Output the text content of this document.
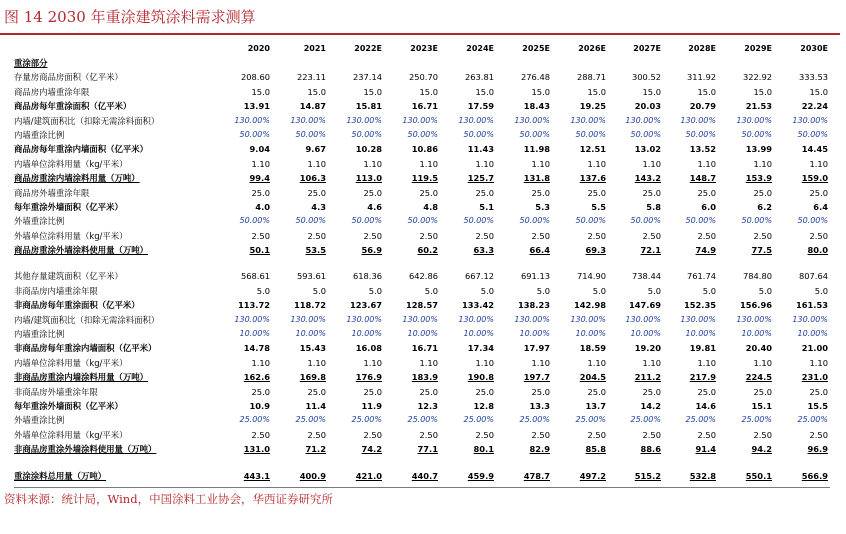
图 14 2030 年重涂建筑涂料需求测算
2020	2021	2022E	2023E	2024E	2025E	2026E	2027E	2028E	2029E	2030E
重涂部分
存量房商品房面积（亿平米）	208.60	223.11	237.14	250.70	263.81	276.48	288.71	300.52	311.92	322.92	333.53
商品房内墙重涂年限	15.0	15.0	15.0	15.0	15.0	15.0	15.0	15.0	15.0	15.0	15.0
商品房每年重涂面积（亿平米）	13.91	14.87	15.81	16.71	17.59	18.43	19.25	20.03	20.79	21.53	22.24
内墙/建筑面积比（扣除无需涂料面积）	130.00%	130.00%	130.00%	130.00%	130.00%	130.00%	130.00%	130.00%	130.00%	130.00%	130.00%
内墙重涂比例	50.00%	50.00%	50.00%	50.00%	50.00%	50.00%	50.00%	50.00%	50.00%	50.00%	50.00%
商品房每年重涂内墙面积（亿平米）	9.04	9.67	10.28	10.86	11.43	11.98	12.51	13.02	13.52	13.99	14.45
内墙单位涂料用量（kg/平米）	1.10	1.10	1.10	1.10	1.10	1.10	1.10	1.10	1.10	1.10	1.10
商品房重涂内墙涂料用量（万吨）	99.4	106.3	113.0	119.5	125.7	131.8	137.6	143.2	148.7	153.9	159.0
商品房外墙重涂年限	25.0	25.0	25.0	25.0	25.0	25.0	25.0	25.0	25.0	25.0	25.0
每年重涂外墙面积（亿平米）	4.0	4.3	4.6	4.8	5.1	5.3	5.5	5.8	6.0	6.2	6.4
外墙重涂比例	50.00%	50.00%	50.00%	50.00%	50.00%	50.00%	50.00%	50.00%	50.00%	50.00%	50.00%
外墙单位涂料用量（kg/平米）	2.50	2.50	2.50	2.50	2.50	2.50	2.50	2.50	2.50	2.50	2.50
商品房重涂外墙涂料使用量（万吨）	50.1	53.5	56.9	60.2	63.3	66.4	69.3	72.1	74.9	77.5	80.0
其他存量建筑面积（亿平米）	568.61	593.61	618.36	642.86	667.12	691.13	714.90	738.44	761.74	784.80	807.64
非商品房内墙重涂年限	5.0	5.0	5.0	5.0	5.0	5.0	5.0	5.0	5.0	5.0	5.0
非商品房每年重涂面积（亿平米）	113.72	118.72	123.67	128.57	133.42	138.23	142.98	147.69	152.35	156.96	161.53
内墙/建筑面积比（扣除无需涂料面积）	130.00%	130.00%	130.00%	130.00%	130.00%	130.00%	130.00%	130.00%	130.00%	130.00%	130.00%
内墙重涂比例	10.00%	10.00%	10.00%	10.00%	10.00%	10.00%	10.00%	10.00%	10.00%	10.00%	10.00%
非商品房每年重涂内墙面积（亿平米）	14.78	15.43	16.08	16.71	17.34	17.97	18.59	19.20	19.81	20.40	21.00
内墙单位涂料用量（kg/平米）	1.10	1.10	1.10	1.10	1.10	1.10	1.10	1.10	1.10	1.10	1.10
非商品房重涂内墙涂料用量（万吨）	162.6	169.8	176.9	183.9	190.8	197.7	204.5	211.2	217.9	224.5	231.0
非商品房外墙重涂年限	25.0	25.0	25.0	25.0	25.0	25.0	25.0	25.0	25.0	25.0	25.0
每年重涂外墙面积（亿平米）	10.9	11.4	11.9	12.3	12.8	13.3	13.7	14.2	14.6	15.1	15.5
外墙重涂比例	25.00%	25.00%	25.00%	25.00%	25.00%	25.00%	25.00%	25.00%	25.00%	25.00%	25.00%
外墙单位涂料用量（kg/平米）	2.50	2.50	2.50	2.50	2.50	2.50	2.50	2.50	2.50	2.50	2.50
非商品房重涂外墙涂料使用量（万吨）	131.0	71.2	74.2	77.1	80.1	82.9	85.8	88.6	91.4	94.2	96.9
重涂涂料总用量（万吨）	443.1	400.9	421.0	440.7	459.9	478.7	497.2	515.2	532.8	550.1	566.9
资料来源：统计局，Wind，中国涂料工业协会，华西证券研究所
